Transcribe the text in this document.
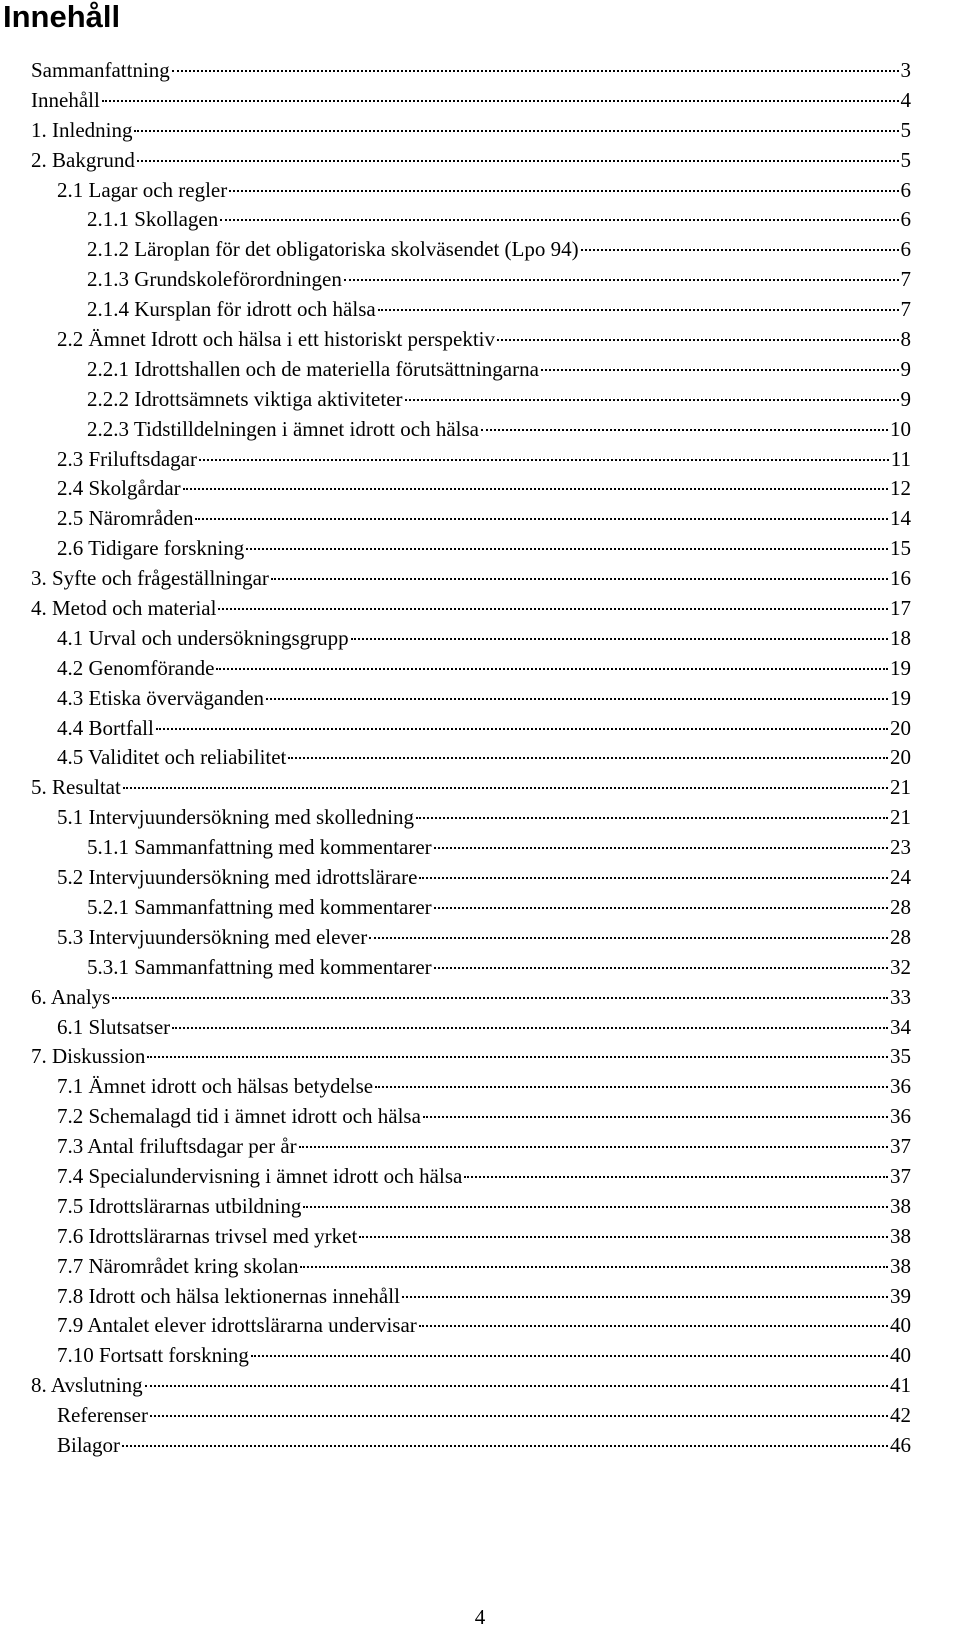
Innehåll
Sammanfattning	3
Innehåll	4
1. Inledning	5
2. Bakgrund	5
2.1 Lagar och regler	6
2.1.1 Skollagen	6
2.1.2 Läroplan för det obligatoriska skolväsendet (Lpo 94)	6
2.1.3 Grundskoleförordningen	7
2.1.4 Kursplan för idrott och hälsa	7
2.2 Ämnet Idrott och hälsa i ett historiskt perspektiv	8
2.2.1 Idrottshallen och de materiella förutsättningarna	9
2.2.2 Idrottsämnets viktiga aktiviteter	9
2.2.3 Tidstilldelningen i ämnet idrott och hälsa	10
2.3 Friluftsdagar	11
2.4 Skolgårdar	12
2.5 Närområden	14
2.6 Tidigare forskning	15
3. Syfte och frågeställningar	16
4. Metod och material	17
4.1 Urval och undersökningsgrupp	18
4.2 Genomförande	19
4.3 Etiska överväganden	19
4.4 Bortfall	20
4.5 Validitet och reliabilitet	20
5. Resultat	21
5.1 Intervjuundersökning med skolledning	21
5.1.1 Sammanfattning med kommentarer	23
5.2 Intervjuundersökning med idrottslärare	24
5.2.1 Sammanfattning med kommentarer	28
5.3 Intervjuundersökning med elever	28
5.3.1 Sammanfattning med kommentarer	32
6. Analys	33
6.1 Slutsatser	34
7. Diskussion	35
7.1 Ämnet idrott och hälsas betydelse	36
7.2 Schemalagd tid i ämnet idrott och hälsa	36
7.3 Antal friluftsdagar per år	37
7.4 Specialundervisning i ämnet idrott och hälsa	37
7.5 Idrottslärarnas utbildning	38
7.6 Idrottslärarnas trivsel med yrket	38
7.7 Närområdet kring skolan	38
7.8 Idrott och hälsa lektionernas innehåll	39
7.9 Antalet elever idrottslärarna undervisar	40
7.10 Fortsatt forskning	40
8. Avslutning	41
Referenser	42
Bilagor	46
4
